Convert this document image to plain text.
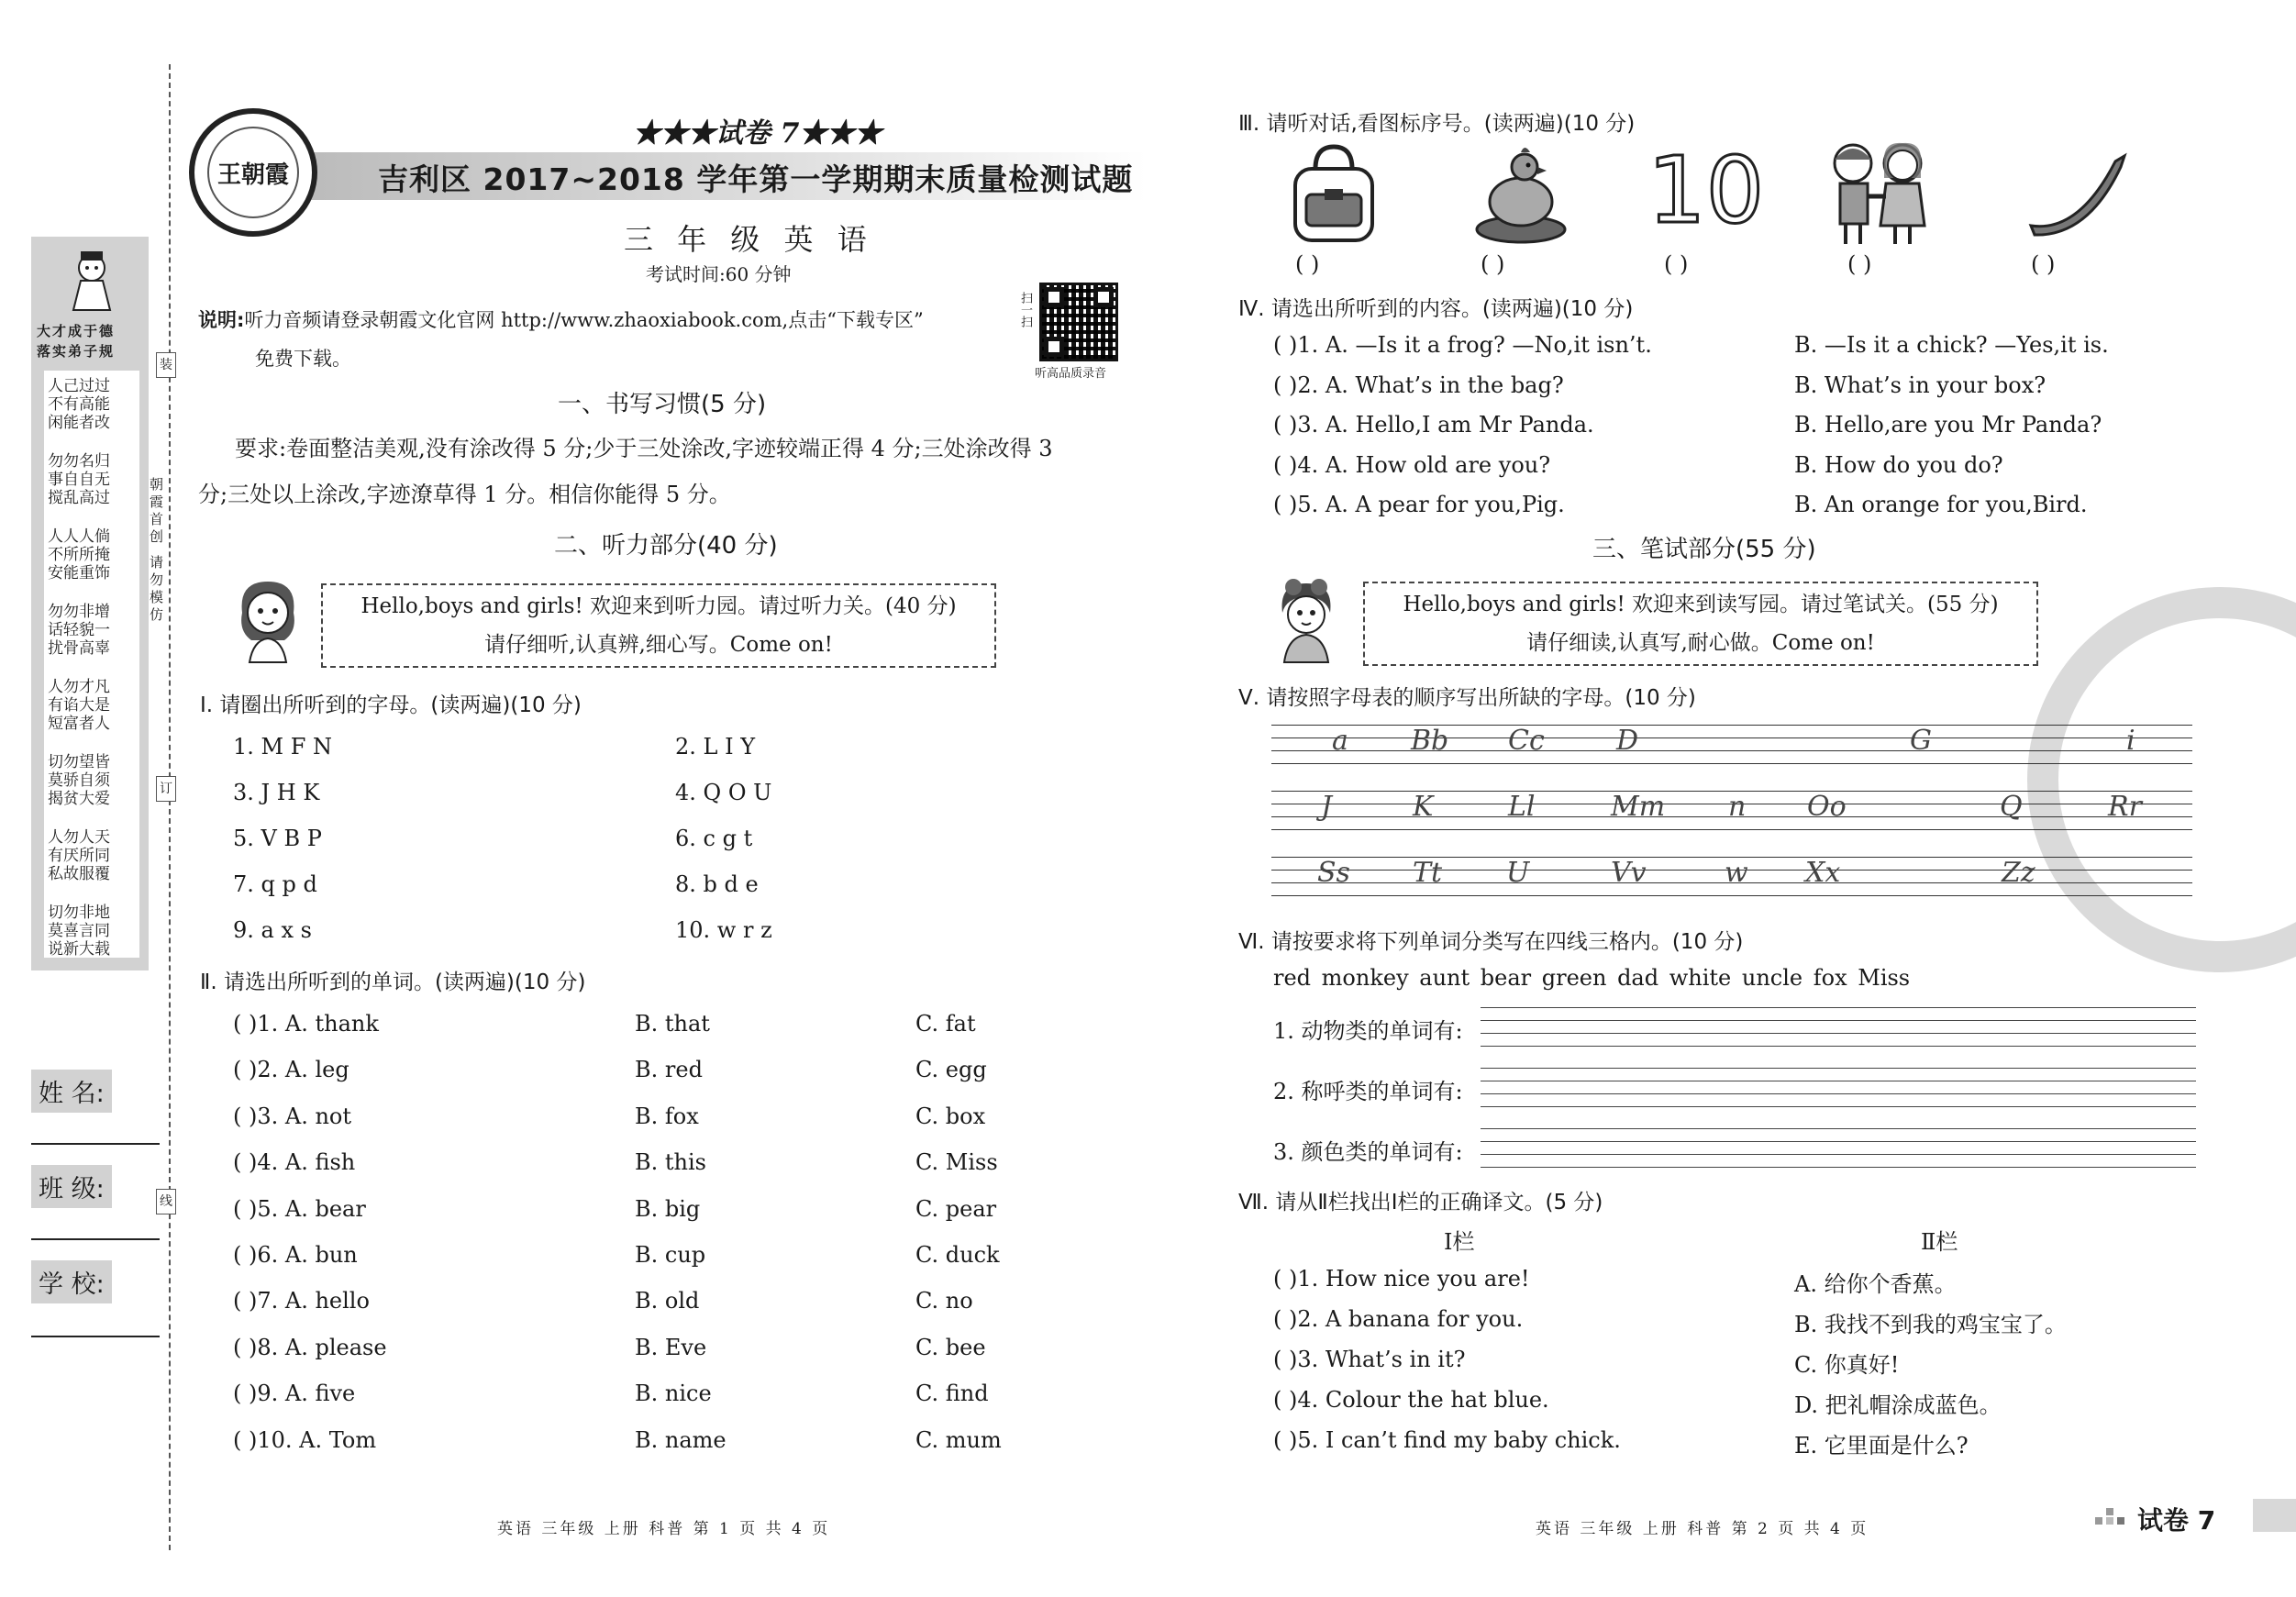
大才成于德
落实弟子规
人己过过
不有高能
闲能者改
勿勿名归
事自自无
搅乱高过
人人人倘
不所所掩
安能重饰
勿勿非增
话轻貌一
扰骨高辜
人勿才凡
有谄大是
短富者人
切勿望皆
莫骄自须
揭贫大爱
人勿人天
有厌所同
私故服覆
切勿非地
莫喜言同
说新大载
朝霞首创 请勿模仿
装
订
线
姓 名:
班 级:
学 校:
王朝霞
★★★试卷 7★★★
吉利区 2017~2018 学年第一学期期末质量检测试题
三 年 级 英 语
考试时间:60 分钟
说明:听力音频请登录朝霞文化官网 http://www.zhaoxiabook.com,点击“下载专区”
免费下载。
扫一扫
听高品质录音
一、书写习惯(5 分)
要求:卷面整洁美观,没有涂改得 5 分;少于三处涂改,字迹较端正得 4 分;三处涂改得 3
分;三处以上涂改,字迹潦草得 1 分。相信你能得 5 分。
二、听力部分(40 分)
Hello,boys and girls! 欢迎来到听力园。请过听力关。(40 分)
请仔细听,认真辨,细心写。Come on!
Ⅰ. 请圈出所听到的字母。(读两遍)(10 分)
1. M F N	2. L I Y
3. J H K	4. Q O U
5. V B P	6. c g t
7. q p d	8. b d e
9. a x s	10. w r z
Ⅱ. 请选出所听到的单词。(读两遍)(10 分)
( )1. A. thank	B. that	C. fat
( )2. A. leg	B. red	C. egg
( )3. A. not	B. fox	C. box
( )4. A. fish	B. this	C. Miss
( )5. A. bear	B. big	C. pear
( )6. A. bun	B. cup	C. duck
( )7. A. hello	B. old	C. no
( )8. A. please	B. Eve	C. bee
( )9. A. five	B. nice	C. find
( )10. A. Tom	B. name	C. mum
Ⅲ. 请听对话,看图标序号。(读两遍)(10 分)
10
( )	( )	( )	( )	( )
Ⅳ. 请选出所听到的内容。(读两遍)(10 分)
( )1. A. —Is it a frog? —No,it isn’t.	B. —Is it a chick? —Yes,it is.
( )2. A. What’s in the bag?	B. What’s in your box?
( )3. A. Hello,I am Mr Panda.	B. Hello,are you Mr Panda?
( )4. A. How old are you?	B. How do you do?
( )5. A. A pear for you,Pig.	B. An orange for you,Bird.
三、笔试部分(55 分)
Hello,boys and girls! 欢迎来到读写园。请过笔试关。(55 分)
请仔细读,认真写,耐心做。Come on!
Ⅴ. 请按照字母表的顺序写出所缺的字母。(10 分)
a Bb Cc	D	G	i
J	K	Ll	Mm n Oo	Q	Rr
Ss Tt U	Vv	w Xx	Zz
Ⅵ. 请按要求将下列单词分类写在四线三格内。(10 分)
red monkey aunt bear green dad white uncle fox Miss
1. 动物类的单词有:
2. 称呼类的单词有:
3. 颜色类的单词有:
Ⅶ. 请从Ⅱ栏找出Ⅰ栏的正确译文。(5 分)
Ⅰ栏	Ⅱ栏
( )1. How nice you are!	A. 给你个香蕉。
( )2. A banana for you.	B. 我找不到我的鸡宝宝了。
( )3. What’s in it?	C. 你真好!
( )4. Colour the hat blue.	D. 把礼帽涂成蓝色。
( )5. I can’t find my baby chick.	E. 它里面是什么?
英语 三年级 上册 科普 第 1 页 共 4 页	英语 三年级 上册 科普 第 2 页 共 4 页	试卷 7
